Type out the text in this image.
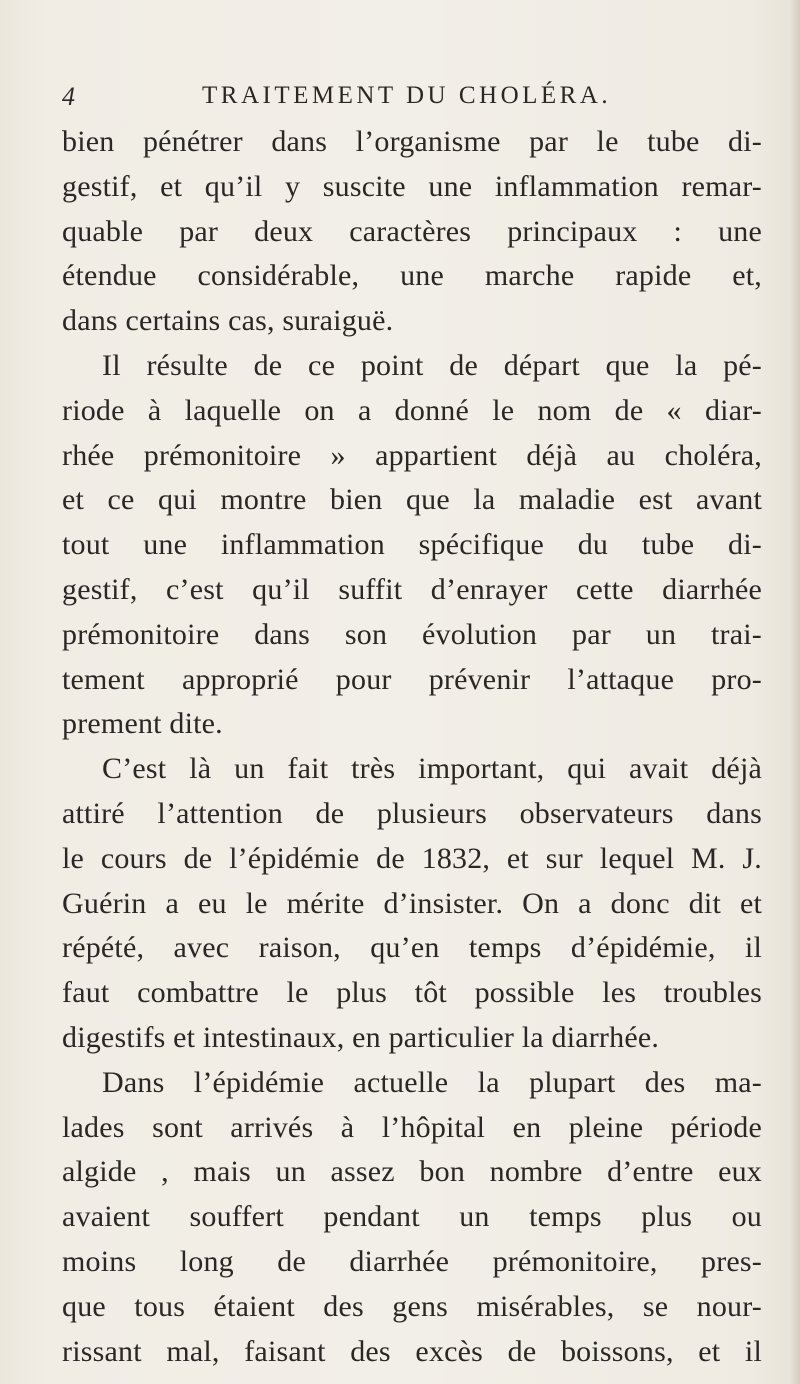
4	TRAITEMENT DU CHOLÉRA.
bien pénétrer dans l’organisme par le tube di-
gestif, et qu’il y suscite une inflammation remar-
quable par deux caractères principaux : une
étendue considérable, une marche rapide et,
dans certains cas, suraiguë.
Il résulte de ce point de départ que la pé-
riode à laquelle on a donné le nom de « diar-
rhée prémonitoire » appartient déjà au choléra,
et ce qui montre bien que la maladie est avant
tout une inflammation spécifique du tube di-
gestif, c’est qu’il suffit d’enrayer cette diarrhée
prémonitoire dans son évolution par un trai-
tement approprié pour prévenir l’attaque pro-
prement dite.
C’est là un fait très important, qui avait déjà
attiré l’attention de plusieurs observateurs dans
le cours de l’épidémie de 1832, et sur lequel M. J.
Guérin a eu le mérite d’insister. On a donc dit et
répété, avec raison, qu’en temps d’épidémie, il
faut combattre le plus tôt possible les troubles
digestifs et intestinaux, en particulier la diarrhée.
Dans l’épidémie actuelle la plupart des ma-
lades sont arrivés à l’hôpital en pleine période
algide , mais un assez bon nombre d’entre eux
avaient souffert pendant un temps plus ou
moins long de diarrhée prémonitoire, pres-
que tous étaient des gens misérables, se nour-
rissant mal, faisant des excès de boissons, et il
